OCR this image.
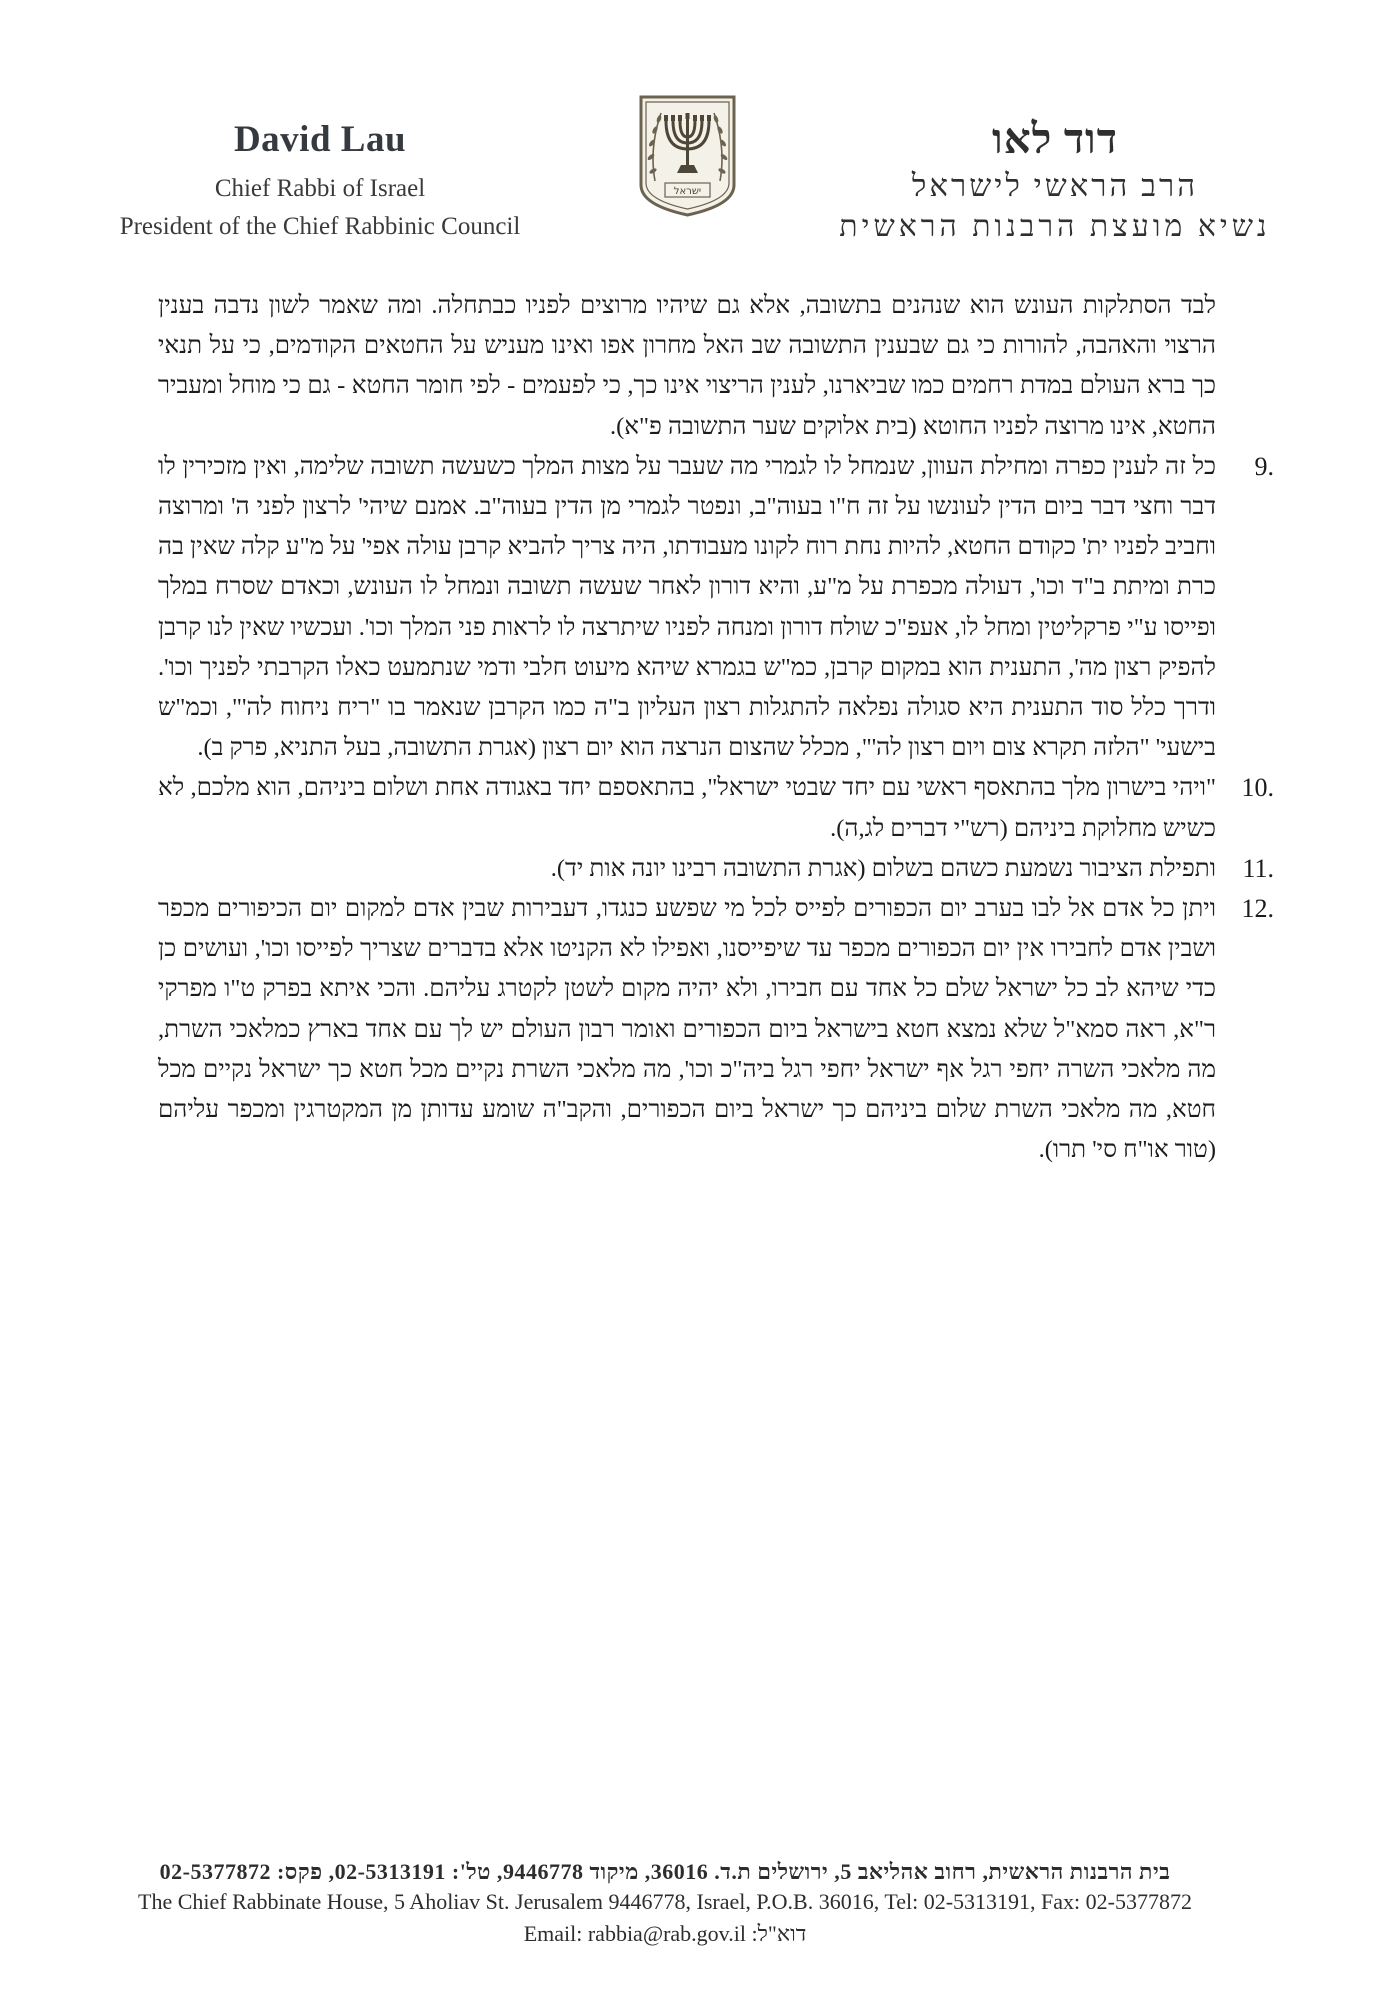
David Lau
Chief Rabbi of Israel
President of the Chief Rabbinic Council
ישראל
דוד לאו
הרב הראשי לישראל
נשיא מועצת הרבנות הראשית

לבד הסתלקות העונש הוא שנהנים בתשובה, אלא גם שיהיו מרוצים לפניו כבתחלה. ומה שאמר לשון נדבה בענין הרצוי והאהבה, להורות כי גם שבענין התשובה שב האל מחרון אפו ואינו מעניש על החטאים הקודמים, כי על תנאי כך ברא העולם במדת רחמים כמו שביארנו, לענין הריצוי אינו כך, כי לפעמים - לפי חומר החטא - גם כי מוחל ומעביר החטא, אינו מרוצה לפניו החוטא (בית אלוקים שער התשובה פ"א).

9.

כל זה לענין כפרה ומחילת העוון, שנמחל לו לגמרי מה שעבר על מצות המלך כשעשה תשובה שלימה, ואין מזכירין לו דבר וחצי דבר ביום הדין לעונשו על זה ח"ו בעוה"ב, ונפטר לגמרי מן הדין בעוה"ב. אמנם שיהי' לרצון לפני ה' ומרוצה וחביב לפניו ית' כקודם החטא, להיות נחת רוח לקונו מעבודתו, היה צריך להביא קרבן עולה אפי' על מ"ע קלה שאין בה כרת ומיתת ב"ד וכו', דעולה מכפרת על מ"ע, והיא דורון לאחר שעשה תשובה ונמחל לו העונש, וכאדם שסרח במלך ופייסו ע"י פרקליטין ומחל לו, אעפ"כ שולח דורון ומנחה לפניו שיתרצה לו לראות פני המלך וכו'. ועכשיו שאין לנו קרבן להפיק רצון מה', התענית הוא במקום קרבן, כמ"ש בגמרא שיהא מיעוט חלבי ודמי שנתמעט כאלו הקרבתי לפניך וכו'. ודרך כלל סוד התענית היא סגולה נפלאה להתגלות רצון העליון ב"ה כמו הקרבן שנאמר בו "ריח ניחוח לה'", וכמ"ש בישעי' "הלזה תקרא צום ויום רצון לה'", מכלל שהצום הנרצה הוא יום רצון (אגרת התשובה, בעל התניא, פרק ב).

10.

"ויהי בישרון מלך בהתאסף ראשי עם יחד שבטי ישראל", בהתאספם יחד באגודה אחת ושלום ביניהם, הוא מלכם, לא כשיש מחלוקת ביניהם (רש"י דברים לג,ה).

11.

ותפילת הציבור נשמעת כשהם בשלום (אגרת התשובה רבינו יונה אות יד).

12.

ויתן כל אדם אל לבו בערב יום הכפורים לפייס לכל מי שפשע כנגדו, דעבירות שבין אדם למקום יום הכיפורים מכפר ושבין אדם לחבירו אין יום הכפורים מכפר עד שיפייסנו, ואפילו לא הקניטו אלא בדברים שצריך לפייסו וכו', ועושים כן כדי שיהא לב כל ישראל שלם כל אחד עם חבירו, ולא יהיה מקום לשטן לקטרג עליהם. והכי איתא בפרק ט"ו מפרקי ר"א, ראה סמא"ל שלא נמצא חטא בישראל ביום הכפורים ואומר רבון העולם יש לך עם אחד בארץ כמלאכי השרת, מה מלאכי השרה יחפי רגל אף ישראל יחפי רגל ביה"כ וכו', מה מלאכי השרת נקיים מכל חטא כך ישראל נקיים מכל חטא, מה מלאכי השרת שלום ביניהם כך ישראל ביום הכפורים, והקב"ה שומע עדותן מן המקטרגין ומכפר עליהם (טור או"ח סי' תרו).

בית הרבנות הראשית, רחוב אהליאב 5, ירושלים ת.ד. 36016, מיקוד 9446778, טל': 02-5313191, פקס: 02-5377872
The Chief Rabbinate House, 5 Aholiav St. Jerusalem 9446778, Israel, P.O.B. 36016, Tel: 02-5313191, Fax: 02-5377872
Email: rabbia@rab.gov.il דוא"ל:
